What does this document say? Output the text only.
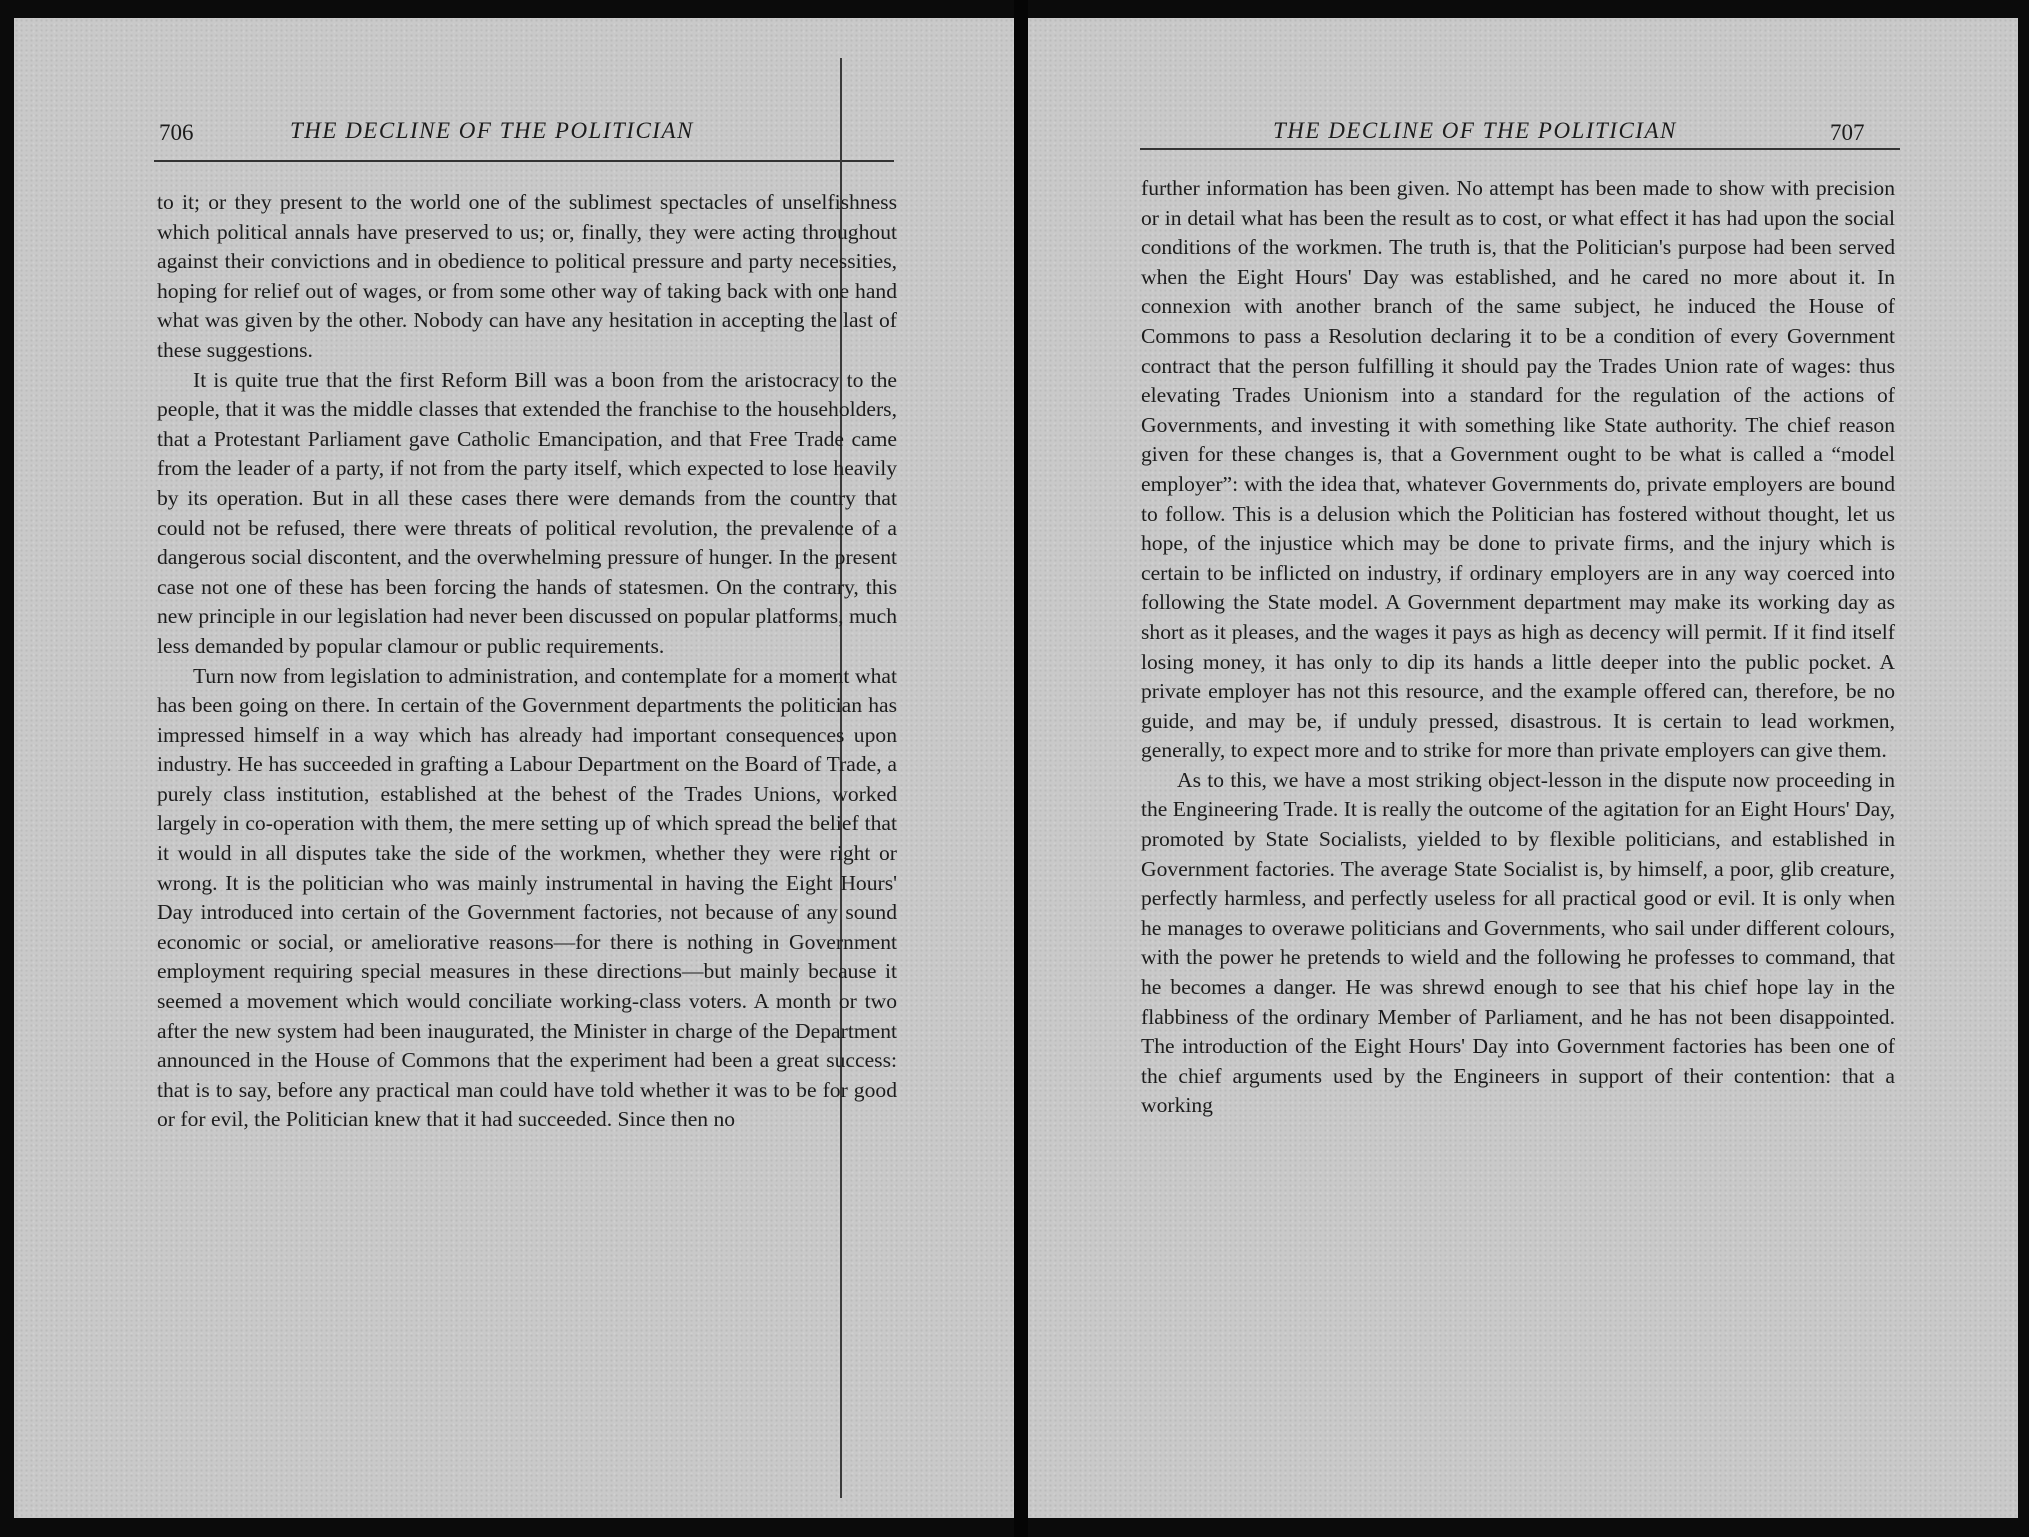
706	THE DECLINE OF THE POLITICIAN

to it; or they present to the world one of the sublimest spectacles of unselfishness which political annals have preserved to us; or, finally, they were acting throughout against their convictions and in obedience to political pressure and party necessities, hoping for relief out of wages, or from some other way of taking back with one hand what was given by the other. Nobody can have any hesitation in accepting the last of these suggestions.

It is quite true that the first Reform Bill was a boon from the aristocracy to the people, that it was the middle classes that extended the franchise to the householders, that a Protestant Parliament gave Catholic Emancipation, and that Free Trade came from the leader of a party, if not from the party itself, which expected to lose heavily by its operation. But in all these cases there were demands from the country that could not be refused, there were threats of political revolution, the prevalence of a dangerous social discontent, and the overwhelming pressure of hunger. In the present case not one of these has been forcing the hands of statesmen. On the contrary, this new principle in our legislation had never been discussed on popular platforms, much less demanded by popular clamour or public requirements.

Turn now from legislation to administration, and contemplate for a moment what has been going on there. In certain of the Government departments the politician has impressed himself in a way which has already had important consequences upon industry. He has succeeded in grafting a Labour Department on the Board of Trade, a purely class institution, established at the behest of the Trades Unions, worked largely in co-operation with them, the mere setting up of which spread the belief that it would in all disputes take the side of the workmen, whether they were right or wrong. It is the politician who was mainly instrumental in having the Eight Hours' Day introduced into certain of the Government factories, not because of any sound economic or social, or ameliorative reasons—for there is nothing in Government employment requiring special measures in these directions—but mainly because it seemed a movement which would conciliate working-class voters. A month or two after the new system had been inaugurated, the Minister in charge of the Department announced in the House of Commons that the experiment had been a great success: that is to say, before any practical man could have told whether it was to be for good or for evil, the Politician knew that it had succeeded. Since then no

THE DECLINE OF THE POLITICIAN	707

further information has been given. No attempt has been made to show with precision or in detail what has been the result as to cost, or what effect it has had upon the social conditions of the workmen. The truth is, that the Politician's purpose had been served when the Eight Hours' Day was established, and he cared no more about it. In connexion with another branch of the same subject, he induced the House of Commons to pass a Resolution declaring it to be a condition of every Government contract that the person fulfilling it should pay the Trades Union rate of wages: thus elevating Trades Unionism into a standard for the regulation of the actions of Governments, and investing it with something like State authority. The chief reason given for these changes is, that a Government ought to be what is called a “model employer”: with the idea that, whatever Governments do, private employers are bound to follow. This is a delusion which the Politician has fostered without thought, let us hope, of the injustice which may be done to private firms, and the injury which is certain to be inflicted on industry, if ordinary employers are in any way coerced into following the State model. A Government department may make its working day as short as it pleases, and the wages it pays as high as decency will permit. If it find itself losing money, it has only to dip its hands a little deeper into the public pocket. A private employer has not this resource, and the example offered can, therefore, be no guide, and may be, if unduly pressed, disastrous. It is certain to lead workmen, generally, to expect more and to strike for more than private employers can give them.

As to this, we have a most striking object-lesson in the dispute now proceeding in the Engineering Trade. It is really the outcome of the agitation for an Eight Hours' Day, promoted by State Socialists, yielded to by flexible politicians, and established in Government factories. The average State Socialist is, by himself, a poor, glib creature, perfectly harmless, and perfectly useless for all practical good or evil. It is only when he manages to overawe politicians and Governments, who sail under different colours, with the power he pretends to wield and the following he professes to command, that he becomes a danger. He was shrewd enough to see that his chief hope lay in the flabbiness of the ordinary Member of Parliament, and he has not been disappointed. The introduction of the Eight Hours' Day into Government factories has been one of the chief arguments used by the Engineers in support of their contention: that a working
